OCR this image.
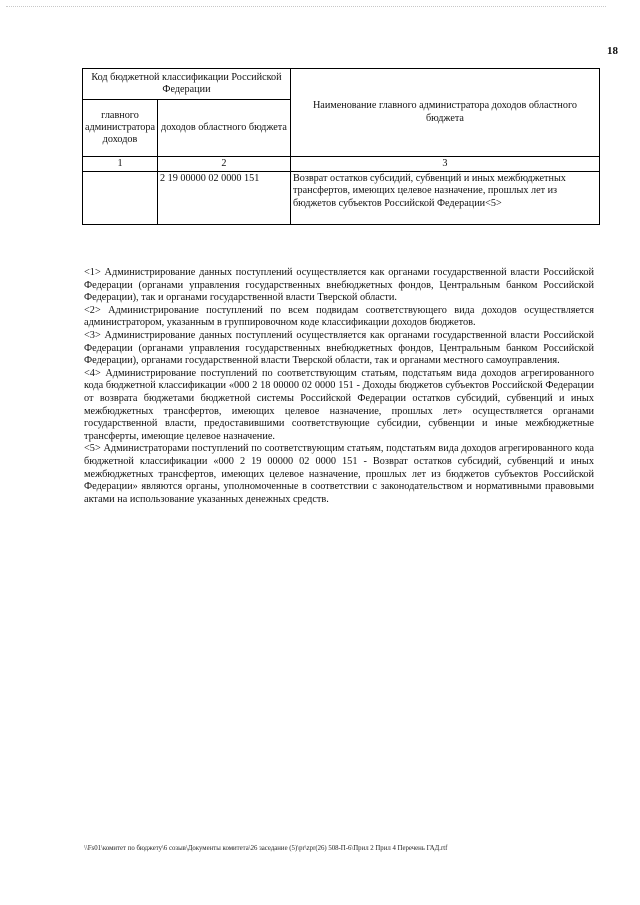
18
Код бюджетной классификации Российской Федерации		Наименование главного администратора доходов областного бюджета
главного администратора доходов	доходов областного бюджета	
1	2	3
	2 19 00000 02 0000 151	Возврат остатков субсидий, субвенций и иных межбюджетных трансфертов, имеющих целевое назначение, прошлых лет из бюджетов субъектов Российской Федерации<5>

<1> Администрирование данных поступлений осуществляется как органами государственной власти Российской Федерации (органами управления государственных внебюджетных фондов, Центральным банком Российской Федерации), так и органами государственной власти Тверской области.

<2> Администрирование поступлений по всем подвидам соответствующего вида доходов осуществляется администратором, указанным в группировочном коде классификации доходов бюджетов.

<3> Администрирование данных поступлений осуществляется как органами государственной власти Российской Федерации (органами управления государственных внебюджетных фондов, Центральным банком Российской Федерации), органами государственной власти Тверской области, так и органами местного самоуправления.

<4> Администрирование поступлений по соответствующим статьям, подстатьям вида доходов агрегированного кода бюджетной классификации «000 2 18 00000 02 0000 151 - Доходы бюджетов субъектов Российской Федерации от возврата бюджетами бюджетной системы Российской Федерации остатков субсидий, субвенций и иных межбюджетных трансфертов, имеющих целевое назначение, прошлых лет» осуществляется органами государственной власти, предоставившими соответствующие субсидии, субвенции и иные межбюджетные трансферты, имеющие целевое назначение.

<5> Администраторами поступлений по соответствующим статьям, подстатьям вида доходов агрегированного кода бюджетной классификации «000 2 19 00000 02 0000 151 - Возврат остатков субсидий, субвенций и иных межбюджетных трансфертов, имеющих целевое назначение, прошлых лет из бюджетов субъектов Российской Федерации» являются органы, уполномоченные в соответствии с законодательством и нормативными правовыми актами на использование указанных денежных средств.

\\Fs01\комитет по бюджету\6 созыв\Документы комитета\26 заседание (5)\pr\zpr(26) 508-П-6\Прил 2 Прил 4 Перечень ГАД.rtf
